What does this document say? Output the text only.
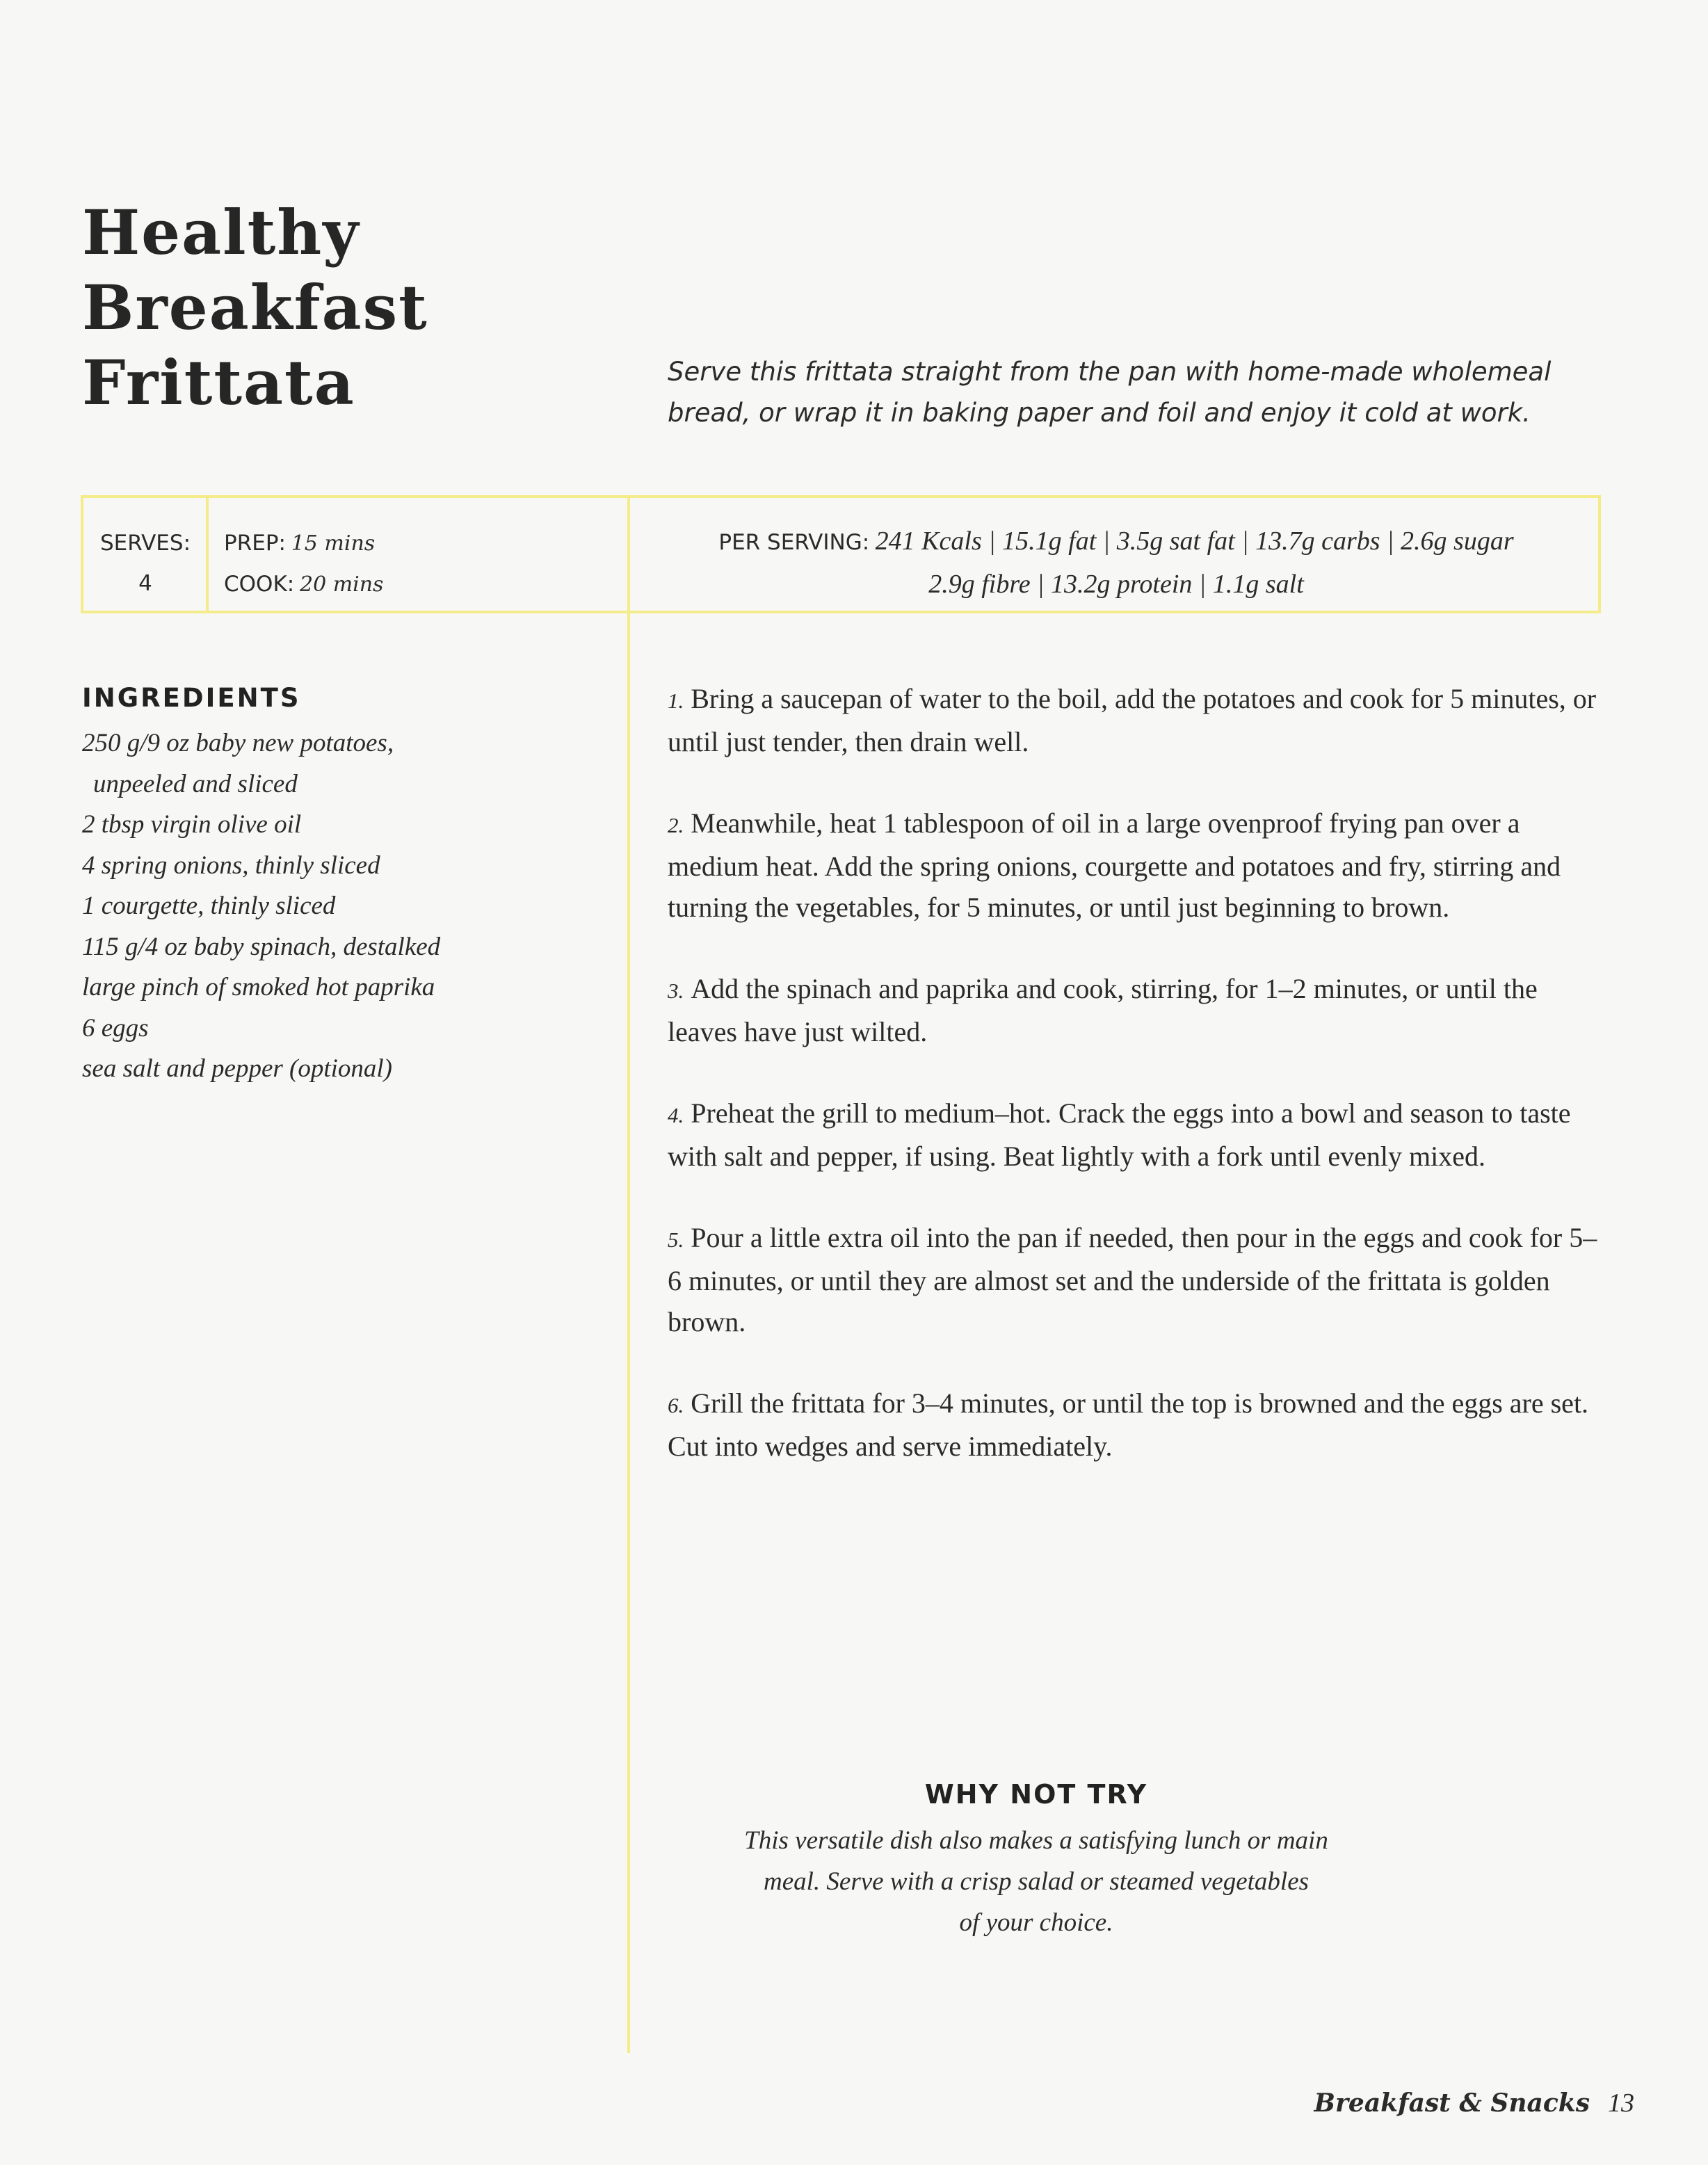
Healthy
Breakfast
Frittata	Serve this frittata straight from the pan with home-made wholemeal bread, or wrap it in baking paper and foil and enjoy it cold at work.
SERVES:
4
PREP: 15 mins
COOK: 20 mins
PER SERVING: 241 Kcals | 15.1g fat | 3.5g sat fat | 13.7g carbs | 2.6g sugar
2.9g fibre | 13.2g protein | 1.1g salt
INGREDIENTS
250 g/9 oz baby new potatoes,
unpeeled and sliced
2 tbsp virgin olive oil
4 spring onions, thinly sliced
1 courgette, thinly sliced
115 g/4 oz baby spinach, destalked
large pinch of smoked hot paprika
6 eggs
sea salt and pepper (optional)
1. Bring a saucepan of water to the boil, add the potatoes and cook for 5 minutes, or until just tender, then drain well.
2. Meanwhile, heat 1 tablespoon of oil in a large ovenproof frying pan over a medium heat. Add the spring onions, courgette and potatoes and fry, stirring and turning the vegetables, for 5 minutes, or until just beginning to brown.
3. Add the spinach and paprika and cook, stirring, for 1–2 minutes, or until the leaves have just wilted.
4. Preheat the grill to medium–hot. Crack the eggs into a bowl and season to taste with salt and pepper, if using. Beat lightly with a fork until evenly mixed.
5. Pour a little extra oil into the pan if needed, then pour in the eggs and cook for 5–6 minutes, or until they are almost set and the underside of the frittata is golden brown.
6. Grill the frittata for 3–4 minutes, or until the top is browned and the eggs are set. Cut into wedges and serve immediately.
WHY NOT TRY
This versatile dish also makes a satisfying lunch or main
meal. Serve with a crisp salad or steamed vegetables
of your choice.
Breakfast & Snacks 13
